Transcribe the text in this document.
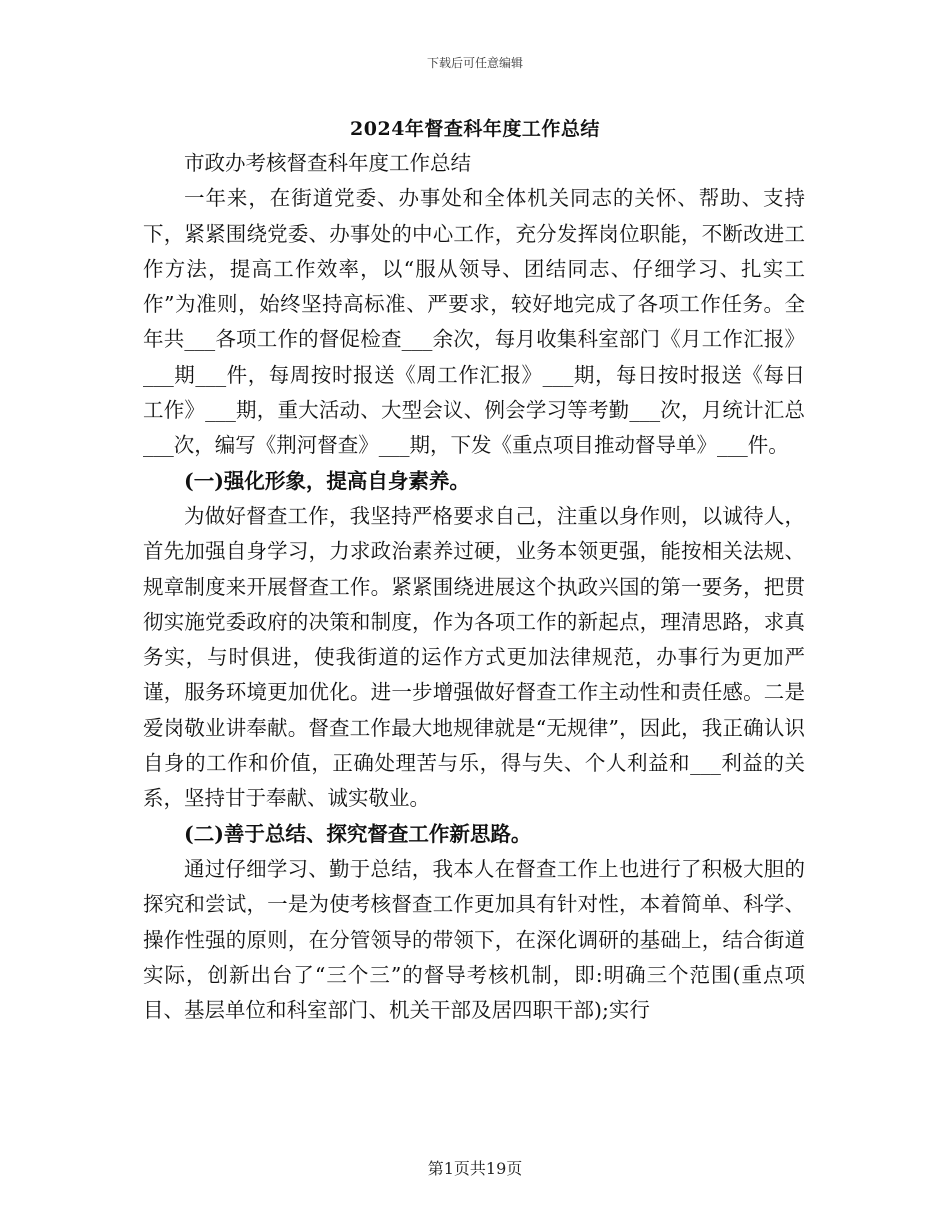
下载后可任意编辑
2024年督查科年度工作总结

市政办考核督查科年度工作总结

一年来，在街道党委、办事处和全体机关同志的关怀、帮助、支持下，紧紧围绕党委、办事处的中心工作，充分发挥岗位职能，不断改进工作方法，提高工作效率，以“服从领导、团结同志、仔细学习、扎实工作”为准则，始终坚持高标准、严要求，较好地完成了各项工作任务。全年共___各项工作的督促检查___余次，每月收集科室部门《月工作汇报》___期___件，每周按时报送《周工作汇报》___期，每日按时报送《每日工作》___期，重大活动、大型会议、例会学习等考勤___次，月统计汇总___次，编写《荆河督查》___期，下发《重点项目推动督导单》___件。

(一)强化形象，提高自身素养。

为做好督查工作，我坚持严格要求自己，注重以身作则，以诚待人，首先加强自身学习，力求政治素养过硬，业务本领更强，能按相关法规、规章制度来开展督查工作。紧紧围绕进展这个执政兴国的第一要务，把贯彻实施党委政府的决策和制度，作为各项工作的新起点，理清思路，求真务实，与时俱进，使我街道的运作方式更加法律规范，办事行为更加严谨，服务环境更加优化。进一步增强做好督查工作主动性和责任感。二是爱岗敬业讲奉献。督查工作最大地规律就是“无规律”，因此，我正确认识自身的工作和价值，正确处理苦与乐，得与失、个人利益和___利益的关系，坚持甘于奉献、诚实敬业。

(二)善于总结、探究督查工作新思路。

通过仔细学习、勤于总结，我本人在督查工作上也进行了积极大胆的探究和尝试，一是为使考核督查工作更加具有针对性，本着简单、科学、操作性强的原则，在分管领导的带领下，在深化调研的基础上，结合街道实际，创新出台了“三个三”的督导考核机制，即:明确三个范围(重点项目、基层单位和科室部门、机关干部及居四职干部);实行

第1页共19页
